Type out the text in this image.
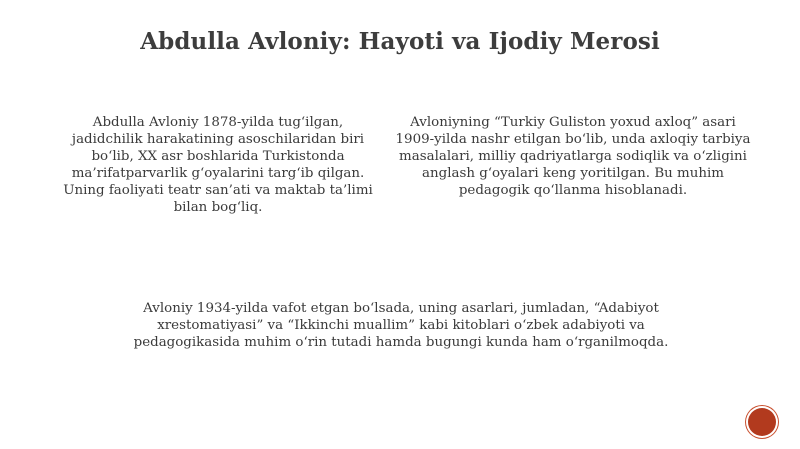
Abdulla Avloniy: Hayoti va Ijodiy Merosi
Abdulla Avloniy 1878-yilda tug‘ilgan, jadidchilik harakatining asoschilaridan biri bo‘lib, XX asr boshlarida Turkistonda ma’rifatparvarlik g‘oyalarini targ‘ib qilgan. Uning faoliyati teatr san’ati va maktab ta’limi bilan bog‘liq.
Avloniyning “Turkiy Guliston yoxud axloq” asari 1909-yilda nashr etilgan bo‘lib, unda axloqiy tarbiya masalalari, milliy qadriyatlarga sodiqlik va o‘zligini anglash g‘oyalari keng yoritilgan. Bu muhim pedagogik qo‘llanma hisoblanadi.
Avloniy 1934-yilda vafot etgan bo‘lsada, uning asarlari, jumladan, “Adabiyot xrestomatiyasi” va “Ikkinchi muallim” kabi kitoblari o‘zbek adabiyoti va pedagogikasida muhim o‘rin tutadi hamda bugungi kunda ham o‘rganilmoqda.
